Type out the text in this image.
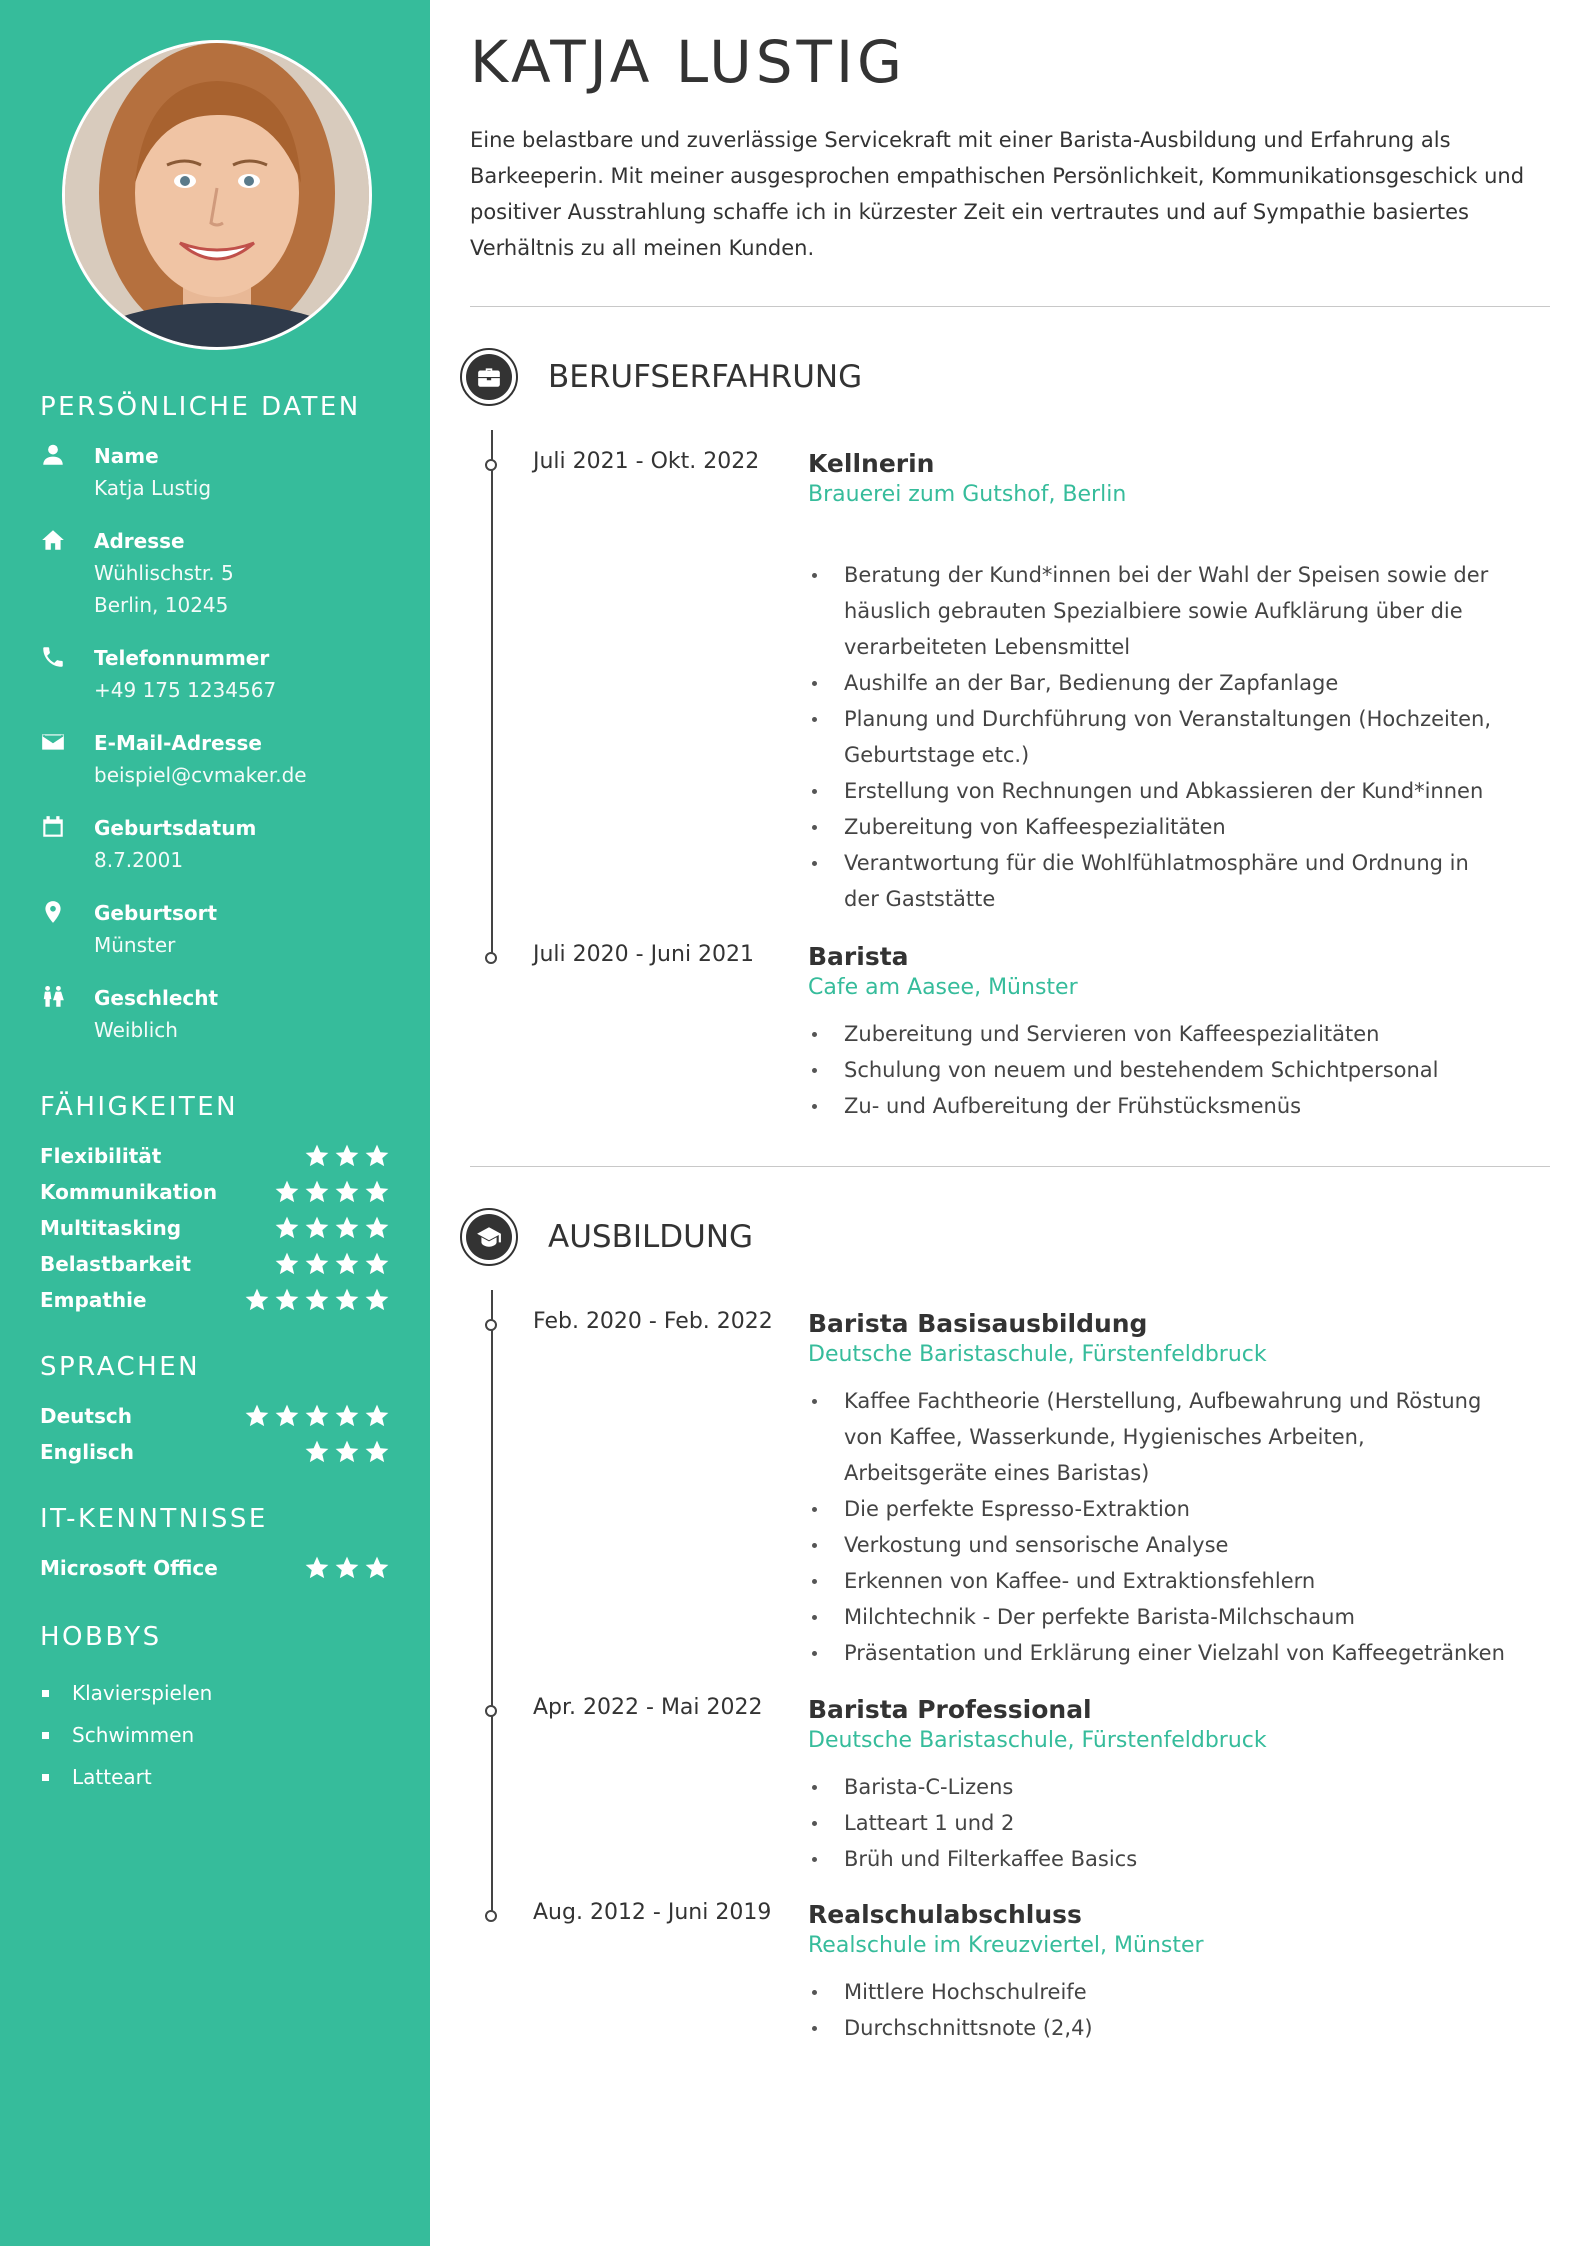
PERSÖNLICHE DATEN
Name
Katja Lustig
Adresse
Wühlischstr. 5
Berlin, 10245
Telefonnummer
+49 175 1234567
E-Mail-Adresse
beispiel@cvmaker.de
Geburtsdatum
8.7.2001
Geburtsort
Münster
Geschlecht
Weiblich
FÄHIGKEITEN
Flexibilität
Kommunikation
Multitasking
Belastbarkeit
Empathie
SPRACHEN
Deutsch
Englisch
IT-KENNTNISSE
Microsoft Office
HOBBYS
Klavierspielen
Schwimmen
Latteart
KATJA LUSTIG

Eine belastbare und zuverlässige Servicekraft mit einer Barista-Ausbildung und Erfahrung als Barkeeperin. Mit meiner ausgesprochen empathischen Persönlichkeit, Kommunikationsgeschick und positiver Ausstrahlung schaffe ich in kürzester Zeit ein vertrautes und auf Sympathie basiertes Verhältnis zu all meinen Kunden.

BERUFSERFAHRUNG
Juli 2021 - Okt. 2022 Kellnerin
Brauerei zum Gutshof, Berlin
Beratung der Kund*innen bei der Wahl der Speisen sowie der häuslich gebrauten Spezialbiere sowie Aufklärung über die verarbeiteten Lebensmittel
Aushilfe an der Bar, Bedienung der Zapfanlage
Planung und Durchführung von Veranstaltungen (Hochzeiten, Geburtstage etc.)
Erstellung von Rechnungen und Abkassieren der Kund*innen
Zubereitung von Kaffeespezialitäten
Verantwortung für die Wohlfühlatmosphäre und Ordnung in der Gaststätte
Juli 2020 - Juni 2021 Barista
Cafe am Aasee, Münster
Zubereitung und Servieren von Kaffeespezialitäten
Schulung von neuem und bestehendem Schichtpersonal
Zu- und Aufbereitung der Frühstücksmenüs
AUSBILDUNG
Feb. 2020 - Feb. 2022 Barista Basisausbildung
Deutsche Baristaschule, Fürstenfeldbruck
Kaffee Fachtheorie (Herstellung, Aufbewahrung und Röstung von Kaffee, Wasserkunde, Hygienisches Arbeiten, Arbeitsgeräte eines Baristas)
Die perfekte Espresso-Extraktion
Verkostung und sensorische Analyse
Erkennen von Kaffee- und Extraktionsfehlern
Milchtechnik - Der perfekte Barista-Milchschaum
Präsentation und Erklärung einer Vielzahl von Kaffeegetränken
Apr. 2022 - Mai 2022 Barista Professional
Deutsche Baristaschule, Fürstenfeldbruck
Barista-C-Lizens
Latteart 1 und 2
Brüh und Filterkaffee Basics
Aug. 2012 - Juni 2019 Realschulabschluss
Realschule im Kreuzviertel, Münster
Mittlere Hochschulreife
Durchschnittsnote (2,4)
